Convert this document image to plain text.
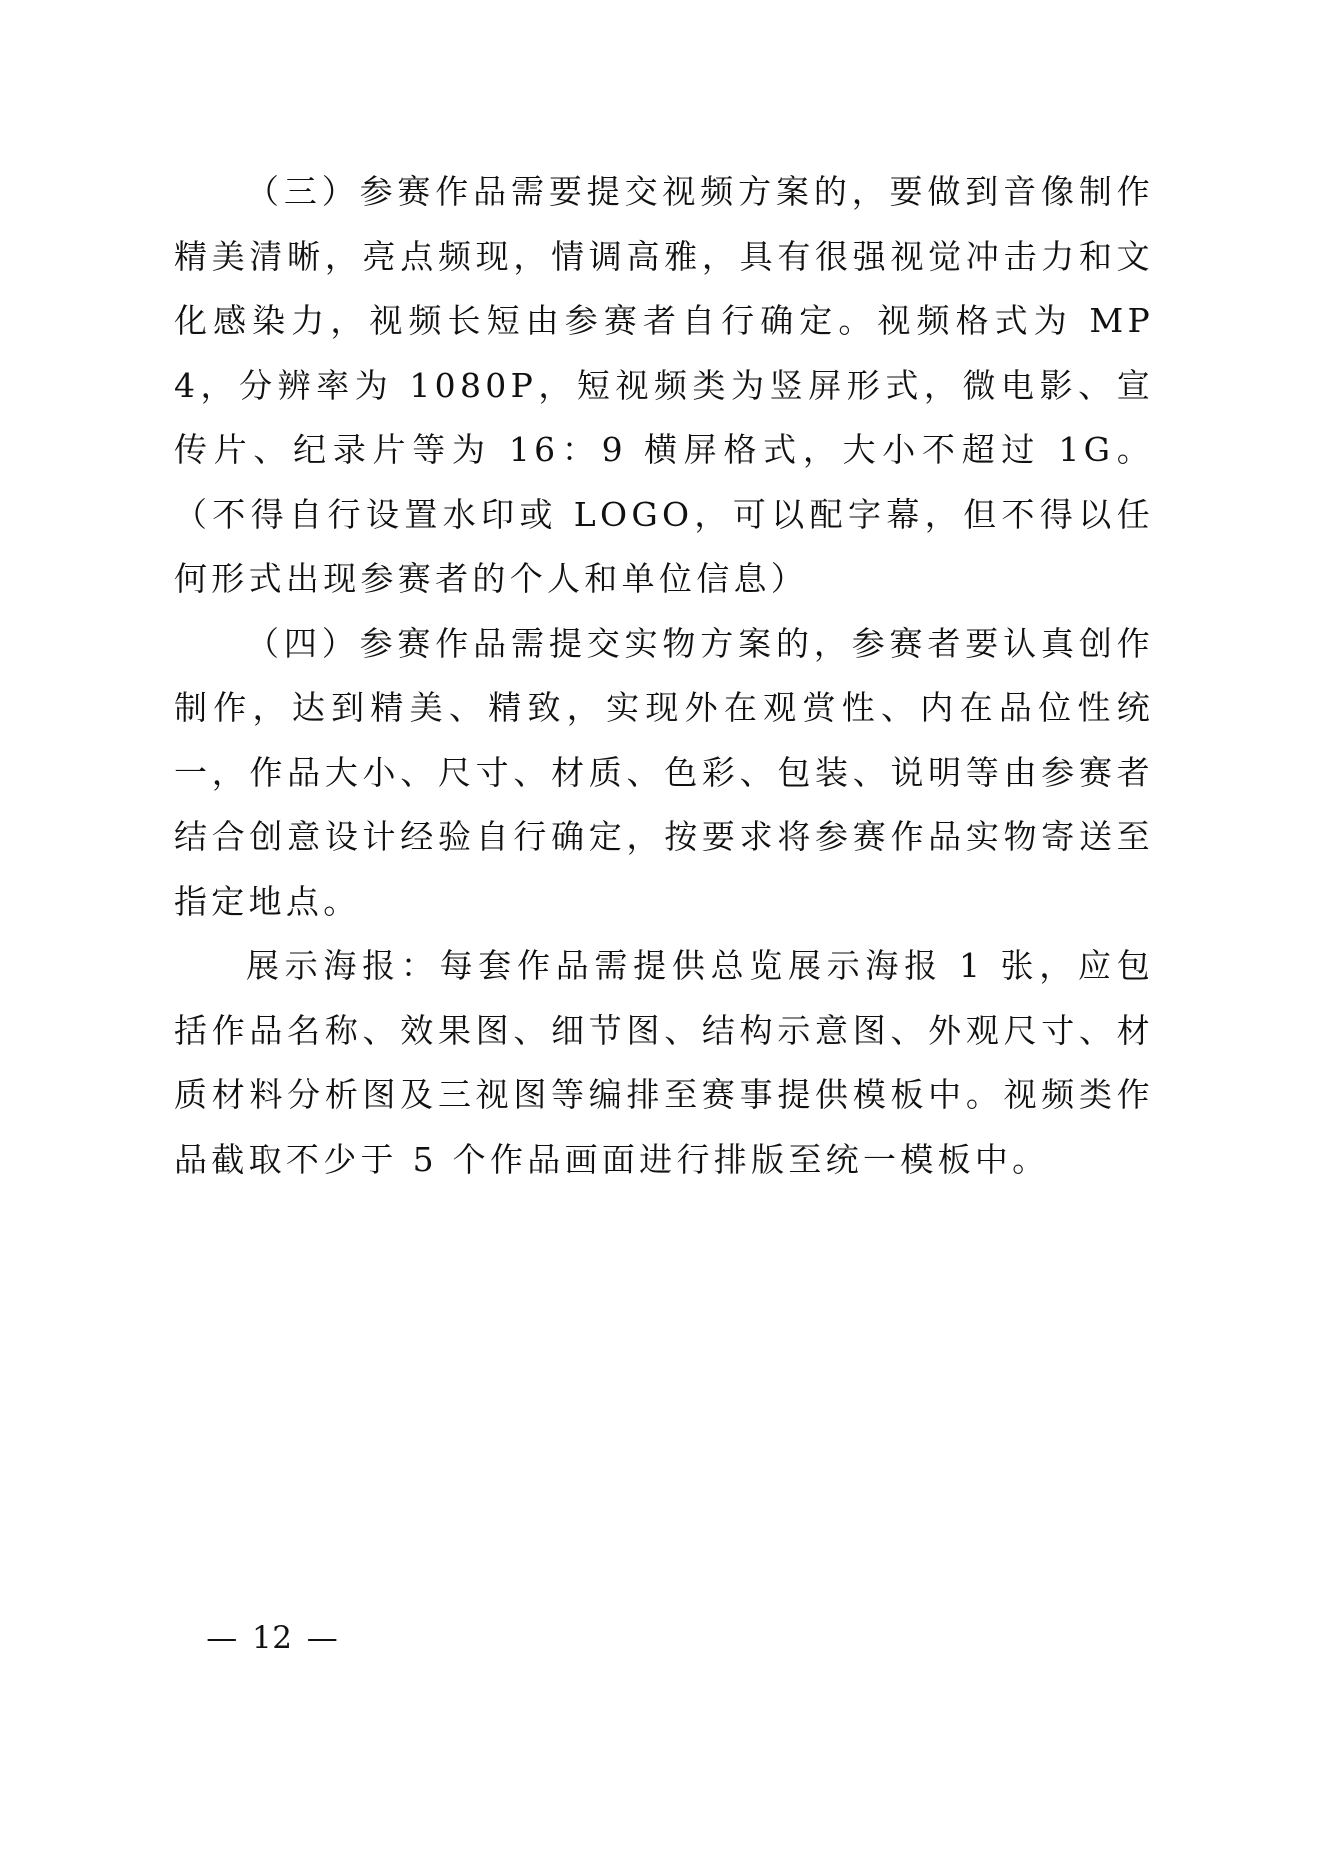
（三）参赛作品需要提交视频方案的，要做到音像制作精美清晰，亮点频现，情调高雅，具有很强视觉冲击力和文化感染力，视频长短由参赛者自行确定。视频格式为 MP4，分辨率为 1080P，短视频类为竖屏形式，微电影、宣传片、纪录片等为 16：9 横屏格式，大小不超过 1G。（不得自行设置水印或 LOGO，可以配字幕，但不得以任何形式出现参赛者的个人和单位信息）

（四）参赛作品需提交实物方案的，参赛者要认真创作制作，达到精美、精致，实现外在观赏性、内在品位性统一，作品大小、尺寸、材质、色彩、包装、说明等由参赛者结合创意设计经验自行确定，按要求将参赛作品实物寄送至指定地点。

展示海报：每套作品需提供总览展示海报 1 张，应包括作品名称、效果图、细节图、结构示意图、外观尺寸、材质材料分析图及三视图等编排至赛事提供模板中。视频类作品截取不少于 5 个作品画面进行排版至统一模板中。

— 12 —
